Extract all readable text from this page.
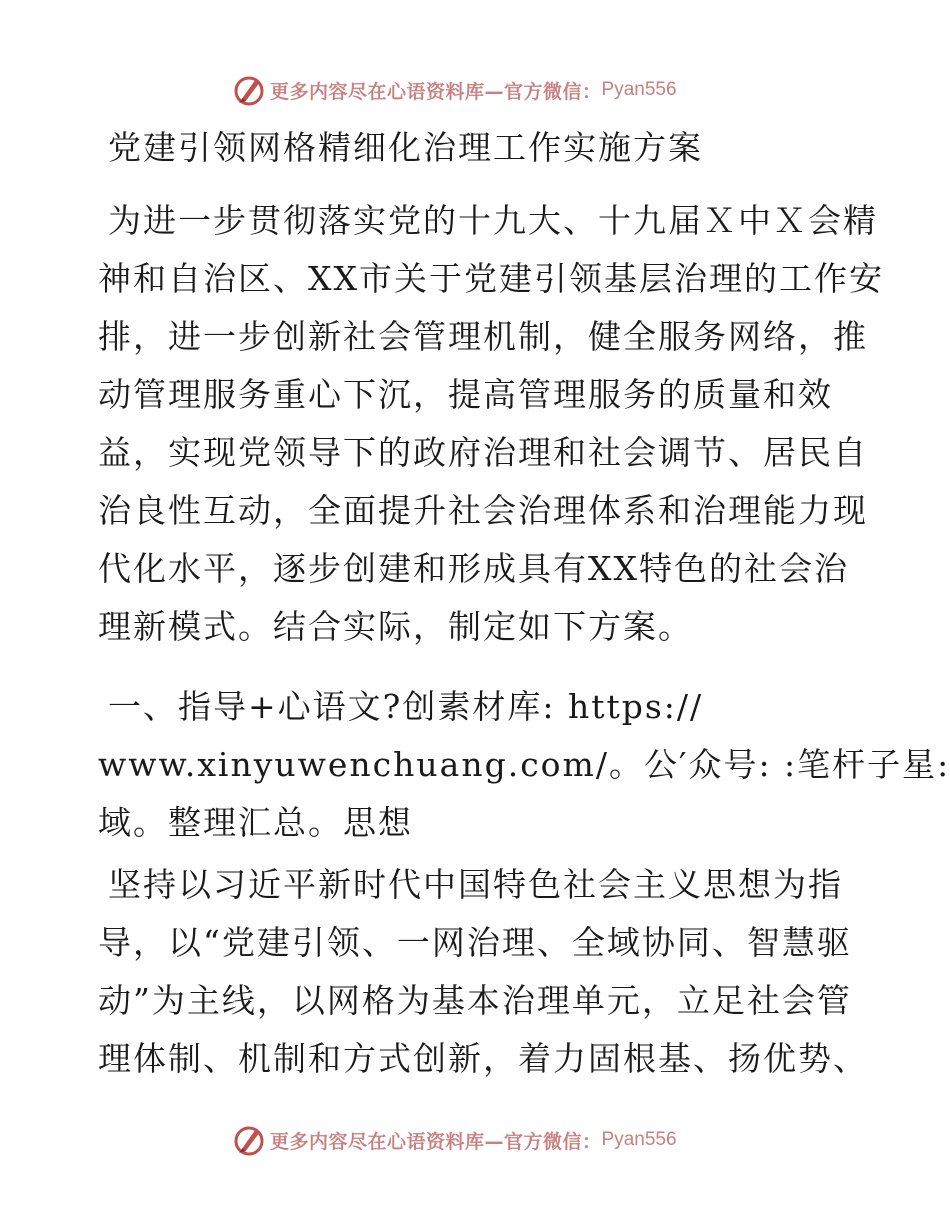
更多内容尽在心语资料库—官方微信： Pyan556
党建引领网格精细化治理工作实施方案
为进一步贯彻落实党的十九大、十九届Ｘ中Ｘ会精
神和自治区、XX市关于党建引领基层治理的工作安
排，进一步创新社会管理机制，健全服务网络，推
动管理服务重心下沉，提高管理服务的质量和效
益，实现党领导下的政府治理和社会调节、居民自
治良性互动，全面提升社会治理体系和治理能力现
代化水平，逐步创建和形成具有XX特色的社会治
理新模式。结合实际，制定如下方案。
一、指导+心语文?创素材库: https://
www.xinyuwenchuang.com/。公′众号: :笔杆子星:
域。整理汇总。思想
坚持以习近平新时代中国特色社会主义思想为指
导，以“党建引领、一网治理、全域协同、智慧驱
动”为主线，以网格为基本治理单元，立足社会管
理体制、机制和方式创新，着力固根基、扬优势、
更多内容尽在心语资料库—官方微信： Pyan556
